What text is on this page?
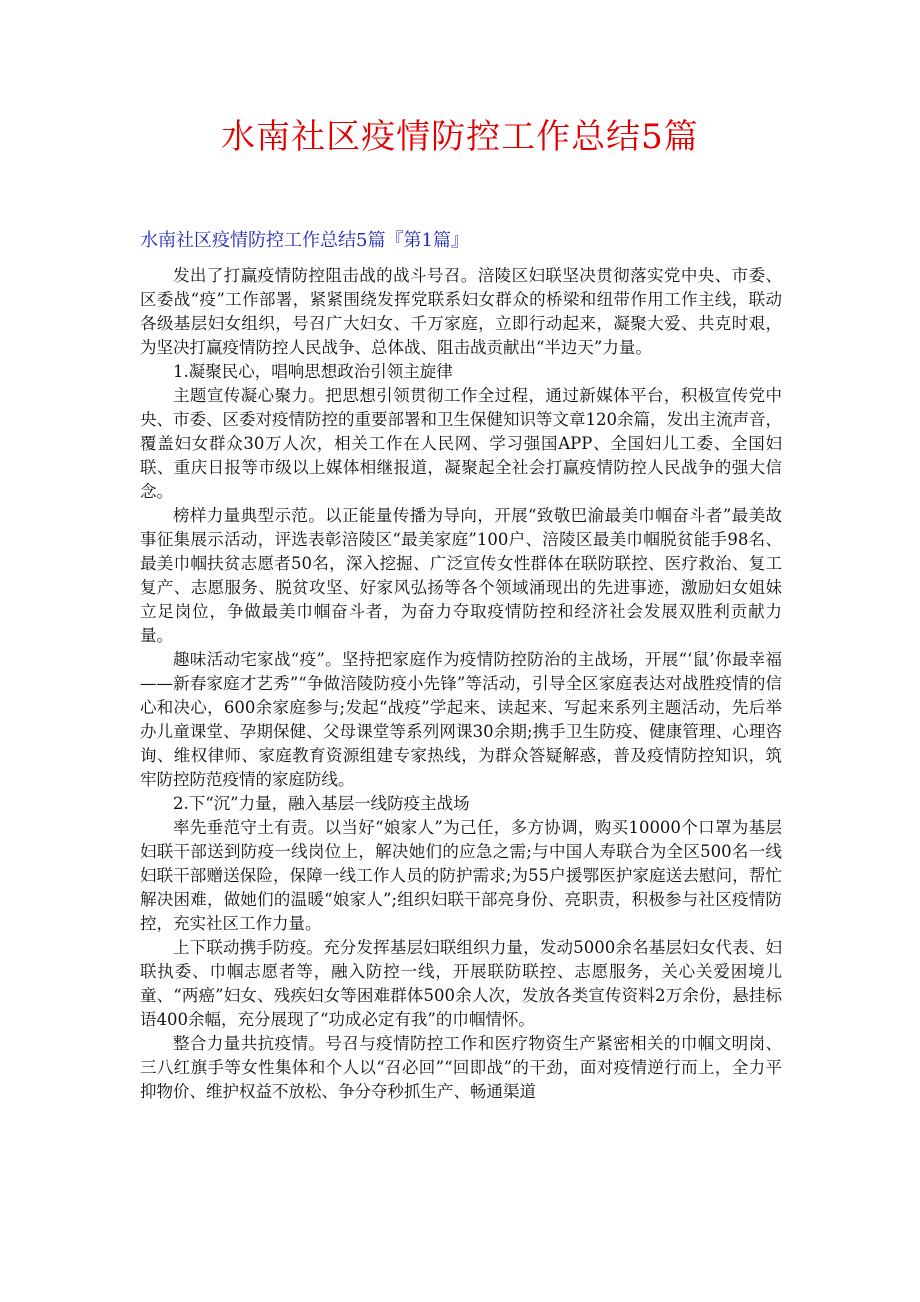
水南社区疫情防控工作总结5篇
水南社区疫情防控工作总结5篇『第1篇』

发出了打赢疫情防控阻击战的战斗号召。涪陵区妇联坚决贯彻落实党中央、市委、区委战“疫”工作部署，紧紧围绕发挥党联系妇女群众的桥梁和纽带作用工作主线，联动各级基层妇女组织，号召广大妇女、千万家庭，立即行动起来，凝聚大爱、共克时艰，为坚决打赢疫情防控人民战争、总体战、阻击战贡献出“半边天”力量。

1.凝聚民心，唱响思想政治引领主旋律

主题宣传凝心聚力。把思想引领贯彻工作全过程，通过新媒体平台，积极宣传党中央、市委、区委对疫情防控的重要部署和卫生保健知识等文章120余篇，发出主流声音，覆盖妇女群众30万人次，相关工作在人民网、学习强国APP、全国妇儿工委、全国妇联、重庆日报等市级以上媒体相继报道，凝聚起全社会打赢疫情防控人民战争的强大信念。

榜样力量典型示范。以正能量传播为导向，开展“致敬巴渝最美巾帼奋斗者”最美故事征集展示活动，评选表彰涪陵区“最美家庭”100户、涪陵区最美巾帼脱贫能手98名、最美巾帼扶贫志愿者50名，深入挖掘、广泛宣传女性群体在联防联控、医疗救治、复工复产、志愿服务、脱贫攻坚、好家风弘扬等各个领域涌现出的先进事迹，激励妇女姐妹立足岗位，争做最美巾帼奋斗者，为奋力夺取疫情防控和经济社会发展双胜利贡献力量。

趣味活动宅家战“疫”。坚持把家庭作为疫情防控防治的主战场，开展“‘鼠’你最幸福——新春家庭才艺秀”“争做涪陵防疫小先锋”等活动，引导全区家庭表达对战胜疫情的信心和决心，600余家庭参与;发起“战疫”学起来、读起来、写起来系列主题活动，先后举办儿童课堂、孕期保健、父母课堂等系列网课30余期;携手卫生防疫、健康管理、心理咨询、维权律师、家庭教育资源组建专家热线，为群众答疑解惑，普及疫情防控知识，筑牢防控防范疫情的家庭防线。

2.下“沉”力量，融入基层一线防疫主战场

率先垂范守土有责。以当好“娘家人”为己任，多方协调，购买10000个口罩为基层妇联干部送到防疫一线岗位上，解决她们的应急之需;与中国人寿联合为全区500名一线妇联干部赠送保险，保障一线工作人员的防护需求;为55户援鄂医护家庭送去慰问，帮忙解决困难，做她们的温暖“娘家人”;组织妇联干部亮身份、亮职责，积极参与社区疫情防控，充实社区工作力量。

上下联动携手防疫。充分发挥基层妇联组织力量，发动5000余名基层妇女代表、妇联执委、巾帼志愿者等，融入防控一线，开展联防联控、志愿服务，关心关爱困境儿童、“两癌”妇女、残疾妇女等困难群体500余人次，发放各类宣传资料2万余份，悬挂标语400余幅，充分展现了“功成必定有我”的巾帼情怀。

整合力量共抗疫情。号召与疫情防控工作和医疗物资生产紧密相关的巾帼文明岗、三八红旗手等女性集体和个人以“召必回”“回即战”的干劲，面对疫情逆行而上，全力平抑物价、维护权益不放松、争分夺秒抓生产、畅通渠道
